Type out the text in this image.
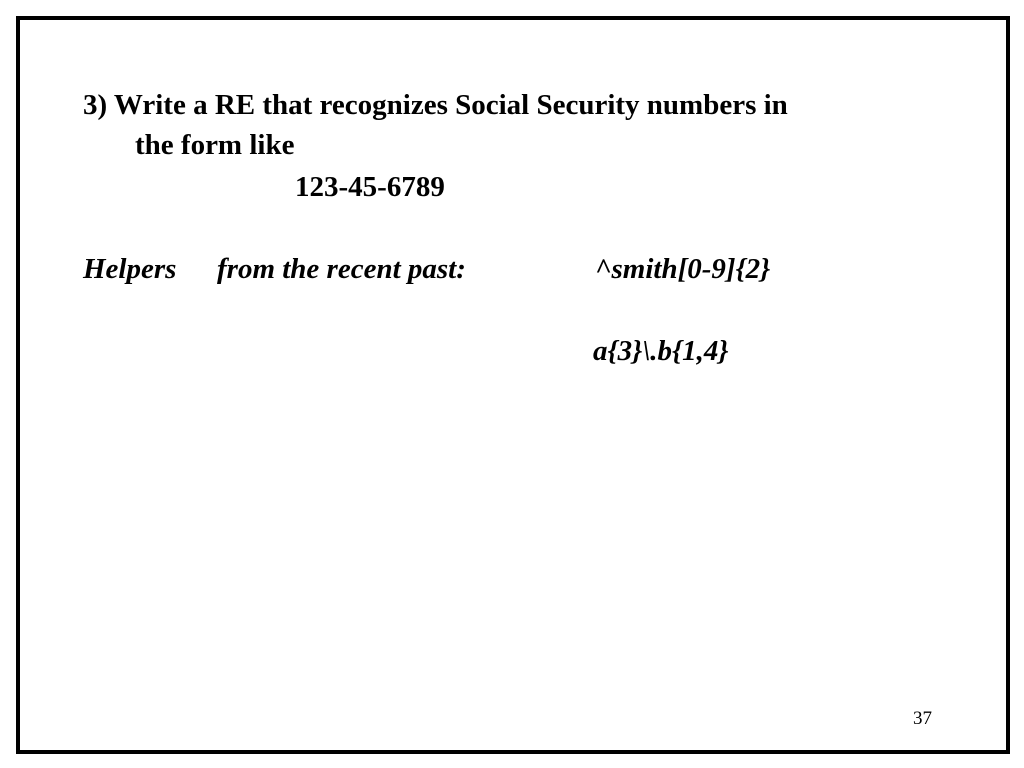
3) Write a RE that recognizes Social Security numbers in
the form like
123-45-6789
Helpers from the recent past:	^smith[0-9]{2}
a{3}\.b{1,4}
37
